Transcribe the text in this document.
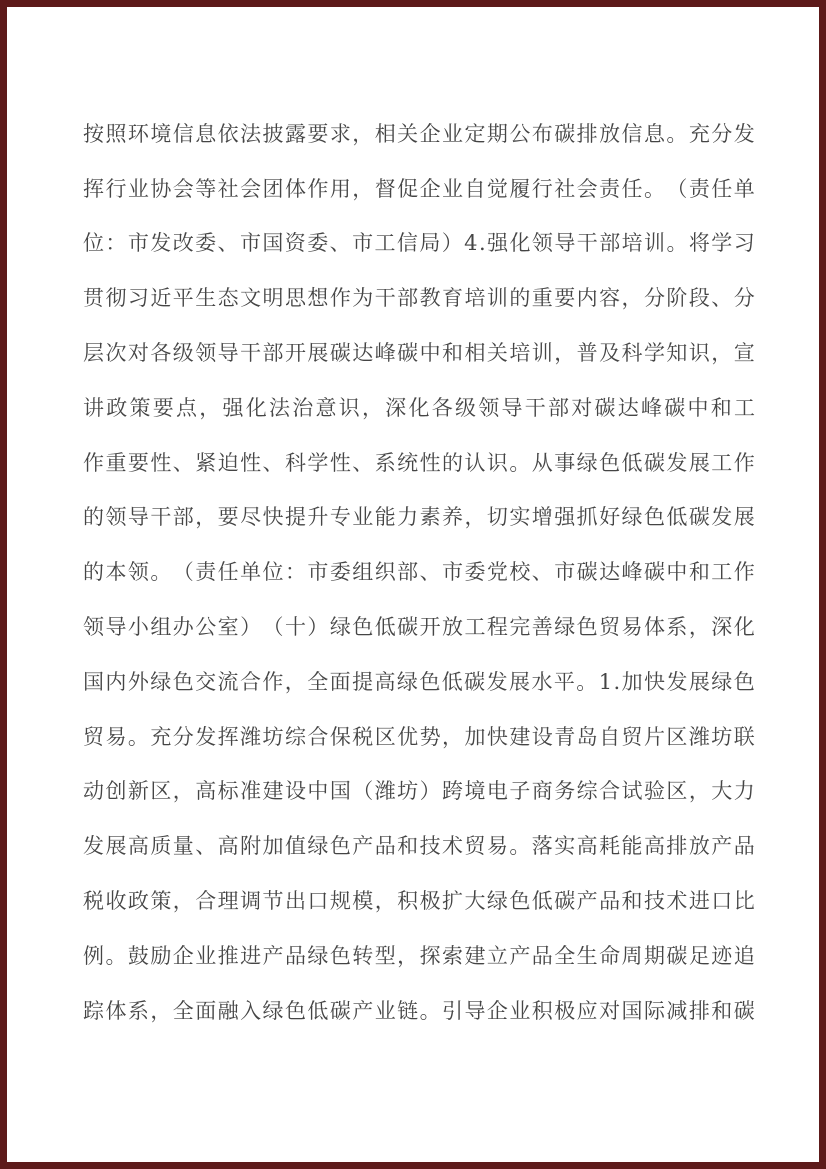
按 照 环 境 信 息 依 法 披 露 要 求 ， 相 关 企 业 定 期 公 布 碳 排 放 信 息 。 充 分 发
挥 行 业 协 会 等 社 会 团 体 作 用 ， 督 促 企 业 自 觉 履 行 社 会 责 任 。 （ 责 任 单
位 ： 市 发 改 委 、 市 国 资 委 、 市 工 信 局 ） 4 . 强 化 领 导 干 部 培 训 。 将 学 习
贯 彻 习 近 平 生 态 文 明 思 想 作 为 干 部 教 育 培 训 的 重 要 内 容 ， 分 阶 段 、 分
层 次 对 各 级 领 导 干 部 开 展 碳 达 峰 碳 中 和 相 关 培 训 ， 普 及 科 学 知 识 ， 宣
讲 政 策 要 点 ， 强 化 法 治 意 识 ， 深 化 各 级 领 导 干 部 对 碳 达 峰 碳 中 和 工
作 重 要 性 、 紧 迫 性 、 科 学 性 、 系 统 性 的 认 识 。 从 事 绿 色 低 碳 发 展 工 作
的 领 导 干 部 ， 要 尽 快 提 升 专 业 能 力 素 养 ， 切 实 增 强 抓 好 绿 色 低 碳 发 展
的 本 领 。 （ 责 任 单 位 ： 市 委 组 织 部 、 市 委 党 校 、 市 碳 达 峰 碳 中 和 工 作
领 导 小 组 办 公 室 ） （ 十 ） 绿 色 低 碳 开 放 工 程 完 善 绿 色 贸 易 体 系 ， 深 化
国 内 外 绿 色 交 流 合 作 ， 全 面 提 高 绿 色 低 碳 发 展 水 平 。 1 . 加 快 发 展 绿 色
贸 易 。 充 分 发 挥 潍 坊 综 合 保 税 区 优 势 ， 加 快 建 设 青 岛 自 贸 片 区 潍 坊 联
动 创 新 区 ， 高 标 准 建 设 中 国 （ 潍 坊 ） 跨 境 电 子 商 务 综 合 试 验 区 ， 大 力
发 展 高 质 量 、 高 附 加 值 绿 色 产 品 和 技 术 贸 易 。 落 实 高 耗 能 高 排 放 产 品
税 收 政 策 ， 合 理 调 节 出 口 规 模 ， 积 极 扩 大 绿 色 低 碳 产 品 和 技 术 进 口 比
例 。 鼓 励 企 业 推 进 产 品 绿 色 转 型 ， 探 索 建 立 产 品 全 生 命 周 期 碳 足 迹 追
踪 体 系 ， 全 面 融 入 绿 色 低 碳 产 业 链 。 引 导 企 业 积 极 应 对 国 际 减 排 和 碳
